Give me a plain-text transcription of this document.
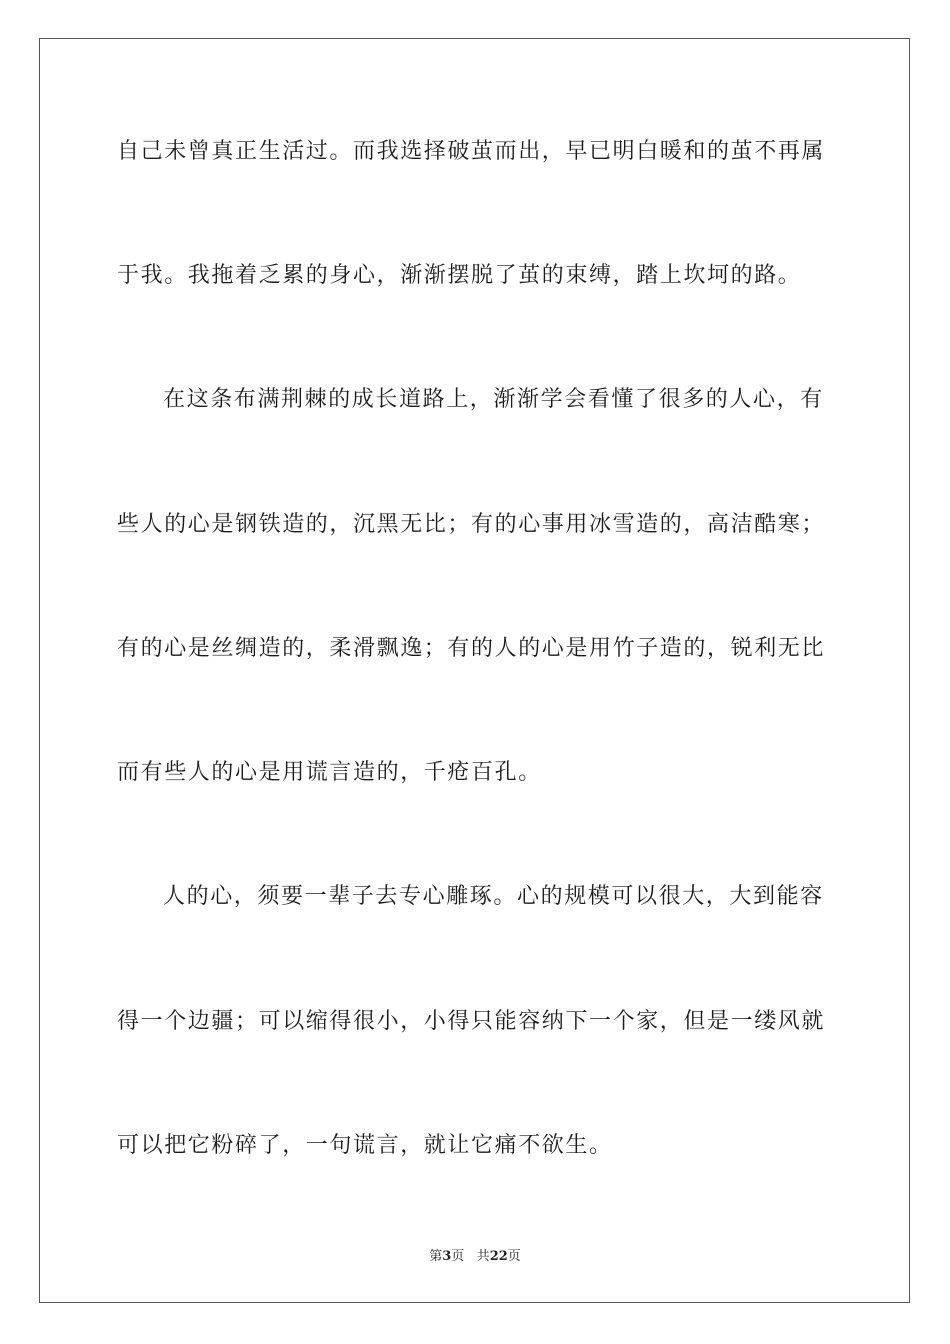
自己未曾真正生活过。而我选择破茧而出，早已明白暖和的茧不再属
于我。我拖着乏累的身心，渐渐摆脱了茧的束缚，踏上坎坷的路。
在这条布满荆棘的成长道路上，渐渐学会看懂了很多的人心，有
些人的心是钢铁造的，沉黑无比；有的心事用冰雪造的，高洁酷寒；
有的心是丝绸造的，柔滑飘逸；有的人的心是用竹子造的，锐利无比
而有些人的心是用谎言造的，千疮百孔。
人的心，须要一辈子去专心雕琢。心的规模可以很大，大到能容
得一个边疆；可以缩得很小，小得只能容纳下一个家，但是一缕风就
可以把它粉碎了，一句谎言，就让它痛不欲生。
第3页 共22页
